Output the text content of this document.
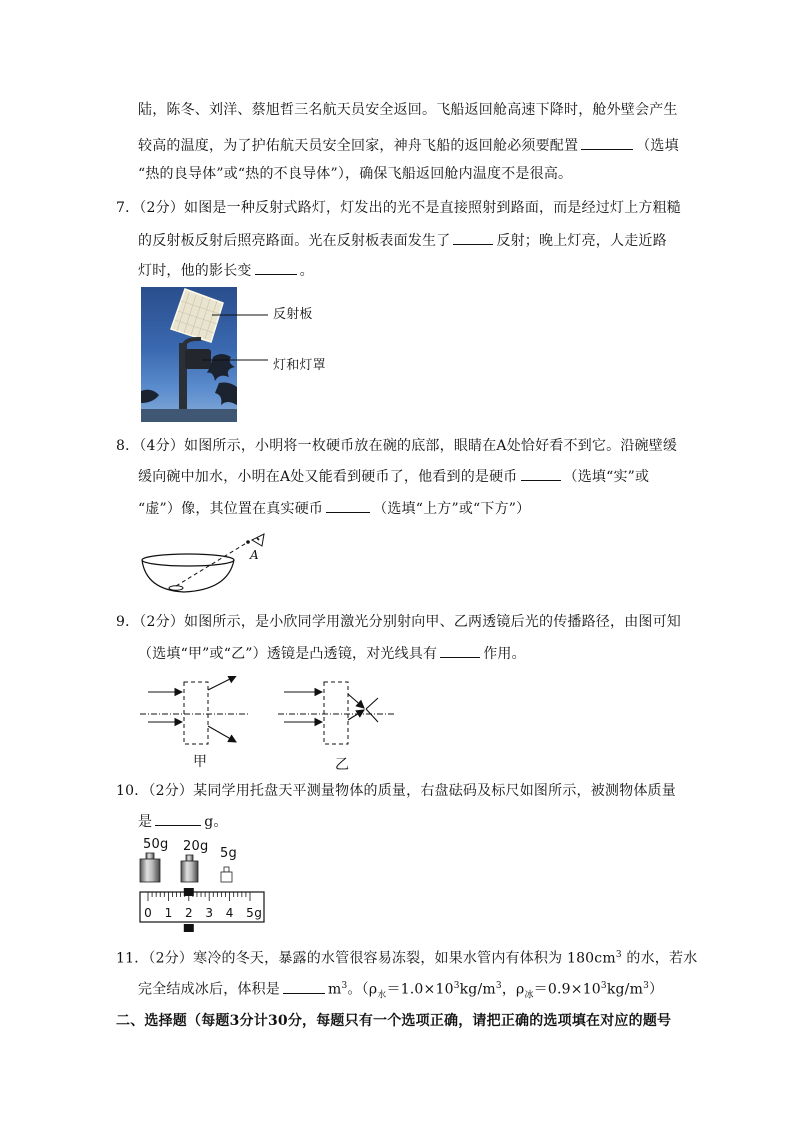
陆，陈冬、刘洋、蔡旭哲三名航天员安全返回。飞船返回舱高速下降时，舱外壁会产生
较高的温度，为了护佑航天员安全回家，神舟飞船的返回舱必须要配置	（选填
“热的良导体”或“热的不良导体”），确保飞船返回舱内温度不是很高。
7．（2分）如图是一种反射式路灯，灯发出的光不是直接照射到路面，而是经过灯上方粗糙
的反射板反射后照亮路面。光在反射板表面发生了	反射；晚上灯亮，人走近路
灯时，他的影长变	。
反射板
灯和灯罩
8．（4分）如图所示，小明将一枚硬币放在碗的底部，眼睛在A处恰好看不到它。沿碗壁缓
缓向碗中加水，小明在A处又能看到硬币了，他看到的是硬币	（选填“实”或
“虚”）像，其位置在真实硬币	（选填“上方”或“下方”）
A
9．（2分）如图所示，是小欣同学用激光分别射向甲、乙两透镜后光的传播路径，由图可知
（选填“甲”或“乙”）透镜是凸透镜，对光线具有	作用。
甲	乙
10．（2分）某同学用托盘天平测量物体的质量，右盘砝码及标尺如图所示，被测物体质量
是	g。
50g 20g 5g
0 1 2 3 4 5 g
11．（2分）寒冷的冬天，暴露的水管很容易冻裂，如果水管内有体积为 $180cm^3$ 的水，若水
完全结成冰后，体积是	$m^3$。（$\rho_水=1.0\times 10^3kg/m^3$，$\rho_冰=0.9\times 10^3kg/m^3$）
二、选择题（每题3分计30分，每题只有一个选项正确，请把正确的选项填在对应的题号
